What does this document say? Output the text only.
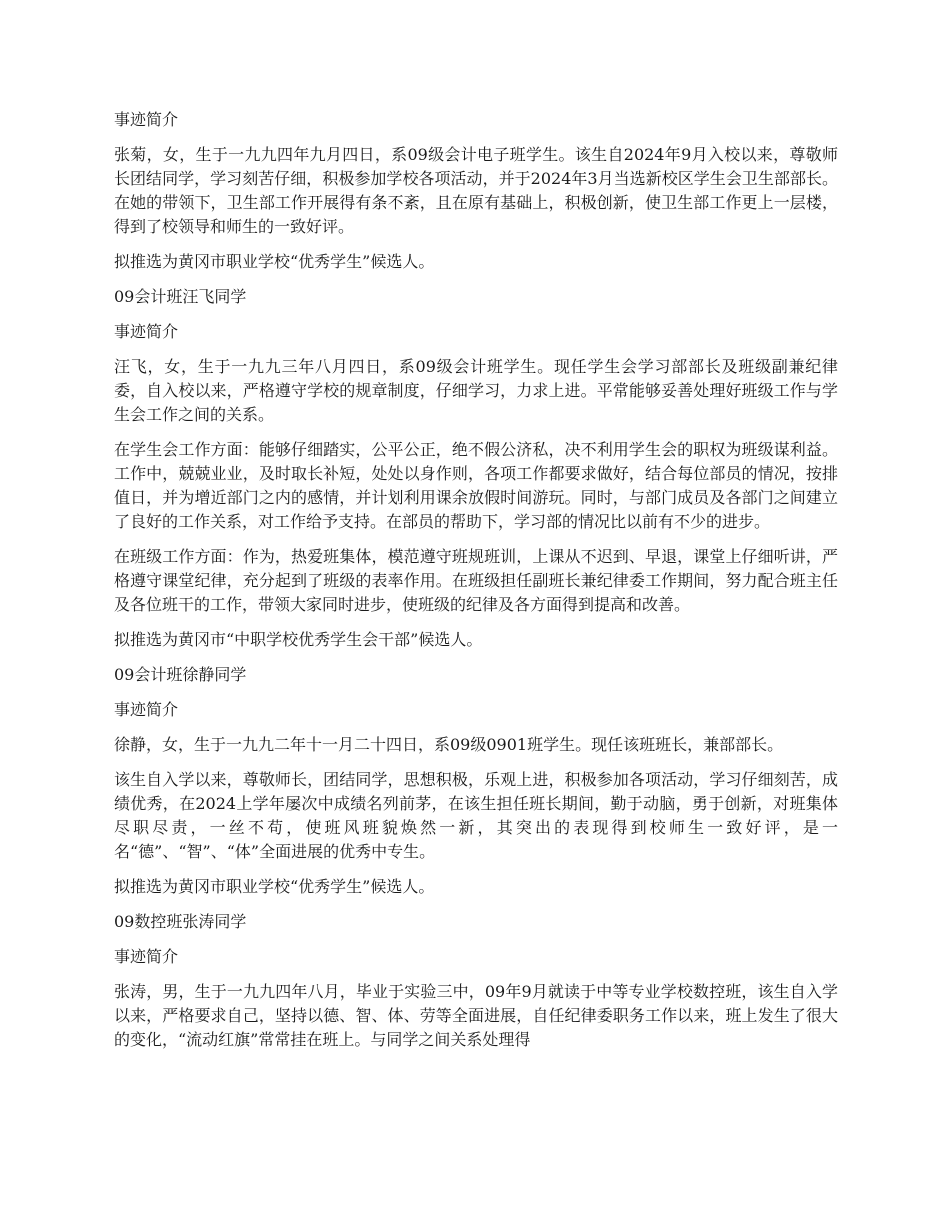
事迹简介

张菊，女，生于一九九四年九月四日，系09级会计电子班学生。该生自2024年9月入校以来，尊敬师长团结同学，学习刻苦仔细，积极参加学校各项活动，并于2024年3月当选新校区学生会卫生部部长。在她的带领下，卫生部工作开展得有条不紊，且在原有基础上，积极创新，使卫生部工作更上一层楼，得到了校领导和师生的一致好评。

拟推选为黄冈市职业学校“优秀学生”候选人。

09会计班汪飞同学

事迹简介

汪飞，女，生于一九九三年八月四日，系09级会计班学生。现任学生会学习部部长及班级副兼纪律委，自入校以来，严格遵守学校的规章制度，仔细学习，力求上进。平常能够妥善处理好班级工作与学生会工作之间的关系。

在学生会工作方面：能够仔细踏实，公平公正，绝不假公济私，决不利用学生会的职权为班级谋利益。工作中，兢兢业业，及时取长补短，处处以身作则，各项工作都要求做好，结合每位部员的情况，按排值日，并为增近部门之内的感情，并计划利用课余放假时间游玩。同时，与部门成员及各部门之间建立了良好的工作关系，对工作给予支持。在部员的帮助下，学习部的情况比以前有不少的进步。

在班级工作方面：作为，热爱班集体，模范遵守班规班训，上课从不迟到、早退，课堂上仔细听讲，严格遵守课堂纪律，充分起到了班级的表率作用。在班级担任副班长兼纪律委工作期间，努力配合班主任及各位班干的工作，带领大家同时进步，使班级的纪律及各方面得到提高和改善。

拟推选为黄冈市“中职学校优秀学生会干部”候选人。

09会计班徐静同学

事迹简介

徐静，女，生于一九九二年十一月二十四日，系09级0901班学生。现任该班班长，兼部部长。

该生自入学以来，尊敬师长，团结同学，思想积极，乐观上进，积极参加各项活动，学习仔细刻苦，成绩优秀，在2024上学年屡次中成绩名列前茅，在该生担任班长期间，勤于动脑，勇于创新，对班集体尽职尽责，一丝不苟，使班风班貌焕然一新，其突出的表现得到校师生一致好评，是一名“德”、“智”、“体”全面进展的优秀中专生。

拟推选为黄冈市职业学校“优秀学生”候选人。

09数控班张涛同学

事迹简介

张涛，男，生于一九九四年八月，毕业于实验三中，09年9月就读于中等专业学校数控班，该生自入学以来，严格要求自己，坚持以德、智、体、劳等全面进展，自任纪律委职务工作以来，班上发生了很大的变化，“流动红旗”常常挂在班上。与同学之间关系处理得
